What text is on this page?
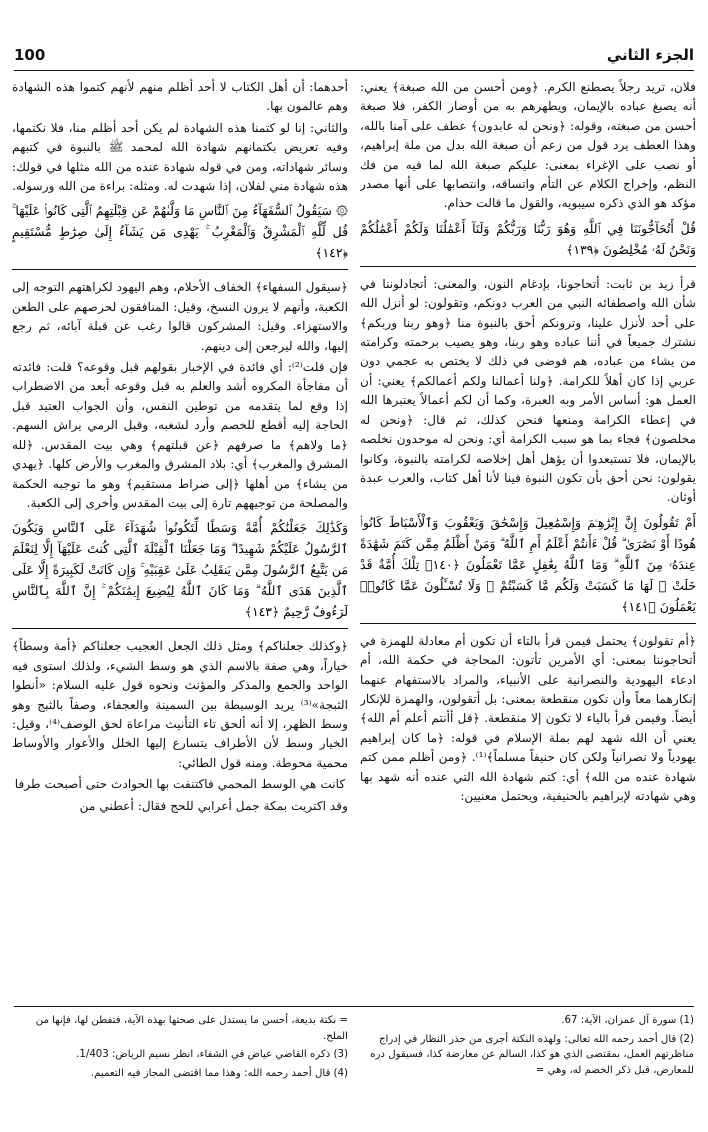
الجزء الثاني
100

فلان، تريد رجلاً يصطنع الكرم. ﴿ومن أحسن من الله صبغة﴾ يعني: أنه يصبغ عباده بالإيمان، ويطهرهم به من أوضار الكفر، فلا صبغة أحسن من صبغته، وقوله: ﴿ونحن له عابدون﴾ عطف على آمنا بالله، وهذا العطف يرد قول من زعم أن صبغة الله بدل من ملة إبراهيم، أو نصب على الإغراء بمعنى: عليكم صبغة الله لما فيه من فك النظم، وإخراج الكلام عن التأم واتساقه، وانتصابها على أنها مصدر مؤكد هو الذي ذكره سيبويه، والقول ما قالت حذام.

قُلْ أَتُحَآجُّونَنَا فِي ٱللَّهِ وَهُوَ رَبُّنَا وَرَبُّكُمْ وَلَنَآ أَعْمَٰلُنَا وَلَكُمْ أَعْمَٰلُكُمْ وَنَحْنُ لَهُۥ مُخْلِصُونَ ﴿١٣٩﴾

قرأ زيد بن ثابت: أتحاجونا، بإدغام النون، والمعنى: أتجادلوننا في شأن الله واصطفائه النبي من العرب دونكم، وتقولون: لو أنزل الله على أحد لأنزل علينا، وترونكم أحق بالنبوة منا ﴿وهو ربنا وربكم﴾ نشترك جميعاً في أننا عباده وهو ربنا، وهو يصيب برحمته وكرامته من يشاء من عباده، هم فوضى في ذلك لا يختص به عجمي دون عربي إذا كان أهلاً للكرامة. ﴿ولنا أعمالنا ولكم أعمالكم﴾ يعني: أن العمل هو: أساس الأمر وبه العبرة، وكما أن لكم أعمالاً يعتبرها الله في إعطاء الكرامة ومنعها فنحن كذلك، ثم قال: ﴿ونحن له مخلصون﴾ فجاء بما هو سبب الكرامة أي: ونحن له موحدون نخلصه بالإيمان، فلا تستبعدوا أن يؤهل أهل إخلاصه لكرامته بالنبوة، وكانوا يقولون: نحن أحق بأن تكون النبوة فينا لأنا أهل كتاب، والعرب عبدة أوثان.

أَمْ تَقُولُونَ إِنَّ إِبْرَٰهِـۧمَ وَإِسْمَٰعِيلَ وَإِسْحَٰقَ وَيَعْقُوبَ وَٱلْأَسْبَاطَ كَانُوا۟ هُودًا أَوْ نَصَٰرَىٰ ۗ قُلْ ءَأَنتُمْ أَعْلَمُ أَمِ ٱللَّهُ ۗ وَمَنْ أَظْلَمُ مِمَّن كَتَمَ شَهَٰدَةً عِندَهُۥ مِنَ ٱللَّهِ ۗ وَمَا ٱللَّهُ بِغَٰفِلٍ عَمَّا تَعْمَلُونَ ﴿١٤٠﴾ تِلْكَ أُمَّةٌ قَدْ خَلَتْ ۖ لَهَا مَا كَسَبَتْ وَلَكُم مَّا كَسَبْتُمْ ۖ وَلَا تُسْـَٔلُونَ عَمَّا كَانُوا۟ يَعْمَلُونَ ﴿١٤١﴾

﴿أم تقولون﴾ يحتمل فيمن قرأ بالتاء أن تكون أم معادلة للهمزة في أتحاجوننا بمعنى: أي الأمرين تأتون: المحاجة في حكمة الله، أم ادعاء اليهودية والنصرانية على الأنبياء، والمراد بالاستفهام عنهما إنكارهما معاً وأن تكون منقطعة بمعنى: بل أتقولون، والهمزة للإنكار أيضاً. وفيمن قرأ بالياء لا تكون إلا منقطعة. ﴿قل أأنتم أعلم أم الله﴾ يعني أن الله شهد لهم بملة الإسلام في قوله: ﴿ما كان إبراهيم يهودياً ولا نصرانياً ولكن كان حنيفاً مسلماً﴾⁽¹⁾. ﴿ومن أظلم ممن كتم شهادة عنده من الله﴾ أي: كتم شهادة الله التي عنده أنه شهد بها وهي شهادته لإبراهيم بالحنيفية، ويحتمل معنيين:

أحدهما: أن أهل الكتاب لا أحد أظلم منهم لأنهم كتموا هذه الشهادة وهم عالمون بها.

والثاني: إنا لو كتمنا هذه الشهادة لم يكن أحد أظلم منا، فلا نكتمها، وفيه تعريض بكتمانهم شهادة الله لمحمد ﷺ بالنبوة في كتبهم وسائر شهاداته، ومن في قوله شهادة عنده من الله مثلها في قولك: هذه شهادة مني لفلان، إذا شهدت له. ومثله: براءة من الله ورسوله.

۞ سَيَقُولُ ٱلسُّفَهَآءُ مِنَ ٱلنَّاسِ مَا وَلَّىٰهُمْ عَن قِبْلَتِهِمُ ٱلَّتِى كَانُوا۟ عَلَيْهَا ۚ قُل لِّلَّهِ ٱلْمَشْرِقُ وَٱلْمَغْرِبُ ۚ يَهْدِى مَن يَشَآءُ إِلَىٰ صِرَٰطٍ مُّسْتَقِيمٍ ﴿١٤٢﴾

﴿سيقول السفهاء﴾ الخفاف الأحلام، وهم اليهود لكراهتهم التوجه إلى الكعبة، وأنهم لا يرون النسخ، وقيل: المنافقون لحرصهم على الطعن والاستهزاء. وقيل: المشركون قالوا رغب عن قبلة آبائه، ثم رجع إليها، والله ليرجعن إلى دينهم.

فإن قلت⁽²⁾: أي فائدة في الإخبار بقولهم قبل وقوعه؟ قلت: فائدته أن مفاجأة المكروه أشد والعلم به قبل وقوعه أبعد من الاضطراب إذا وقع لما يتقدمه من توطين النفس، وأن الجواب العتيد قبل الحاجة إليه أقطع للخصم وأرد لشغبه، وقبل الرمي يراش السهم. ﴿ما ولاهم﴾ ما صرفهم ﴿عن قبلتهم﴾ وهي بيت المقدس. ﴿لله المشرق والمغرب﴾ أي: بلاد المشرق والمغرب والأرض كلها. ﴿يهدي من يشاء﴾ من أهلها ﴿إلى صراط مستقيم﴾ وهو ما توجبه الحكمة والمصلحة من توجيههم تارة إلى بيت المقدس وأخرى إلى الكعبة.

وَكَذَٰلِكَ جَعَلْنَٰكُمْ أُمَّةً وَسَطًا لِّتَكُونُوا۟ شُهَدَآءَ عَلَى ٱلنَّاسِ وَيَكُونَ ٱلرَّسُولُ عَلَيْكُمْ شَهِيدًا ۗ وَمَا جَعَلْنَا ٱلْقِبْلَةَ ٱلَّتِى كُنتَ عَلَيْهَآ إِلَّا لِنَعْلَمَ مَن يَتَّبِعُ ٱلرَّسُولَ مِمَّن يَنقَلِبُ عَلَىٰ عَقِبَيْهِ ۚ وَإِن كَانَتْ لَكَبِيرَةً إِلَّا عَلَى ٱلَّذِينَ هَدَى ٱللَّهُ ۗ وَمَا كَانَ ٱللَّهُ لِيُضِيعَ إِيمَٰنَكُمْ ۚ إِنَّ ٱللَّهَ بِٱلنَّاسِ لَرَءُوفٌ رَّحِيمٌ ﴿١٤٣﴾

﴿وكذلك جعلناكم﴾ ومثل ذلك الجعل العجيب جعلناكم ﴿أمة وسطاً﴾ خياراً، وهي صفة بالاسم الذي هو وسط الشيء، ولذلك استوى فيه الواحد والجمع والمذكر والمؤنث ونحوه قول عليه السلام: «أنطوا الثبجة»⁽³⁾ يريد الوسيطة بين السمينة والعجفاء، وصفاً بالثبج وهو وسط الظهر، إلا أنه ألحق تاء التأنيث مراعاة لحق الوصف⁽⁴⁾، وقيل: الخيار وسط لأن الأطراف يتسارع إليها الخلل والأعوار والأوساط محمية محوطة. ومنه قول الطائي:

كانت هي الوسط المحمي فاكتنفت بها الحوادث حتى أصبحت طرفا

وقد اكتريت بمكة جمل أعرابي للحج فقال: أعطني من

(1) سورة آل عمران، الآية: 67.

(2) قال أحمد رحمه الله تعالى: ولهذه النكتة أجرى من حذر النظار في إدراج مناظرتهم العمل، بمقتضى الذي هو كذا، السالم عن معارضة كذا، فسيقول دره للمعارض، قبل ذكر الخصم له، وهي =

= نكتة بديعة، أحسن ما يستدل على صحتها بهذه الآية، فتفطن لها، فإنها من الملح.

(3) ذكره القاضي عياض في الشفاء، انظر نسيم الرياض: 1/403.

(4) قال أحمد رحمه الله: وهذا مما اقتضى المجاز فيه التعميم.
